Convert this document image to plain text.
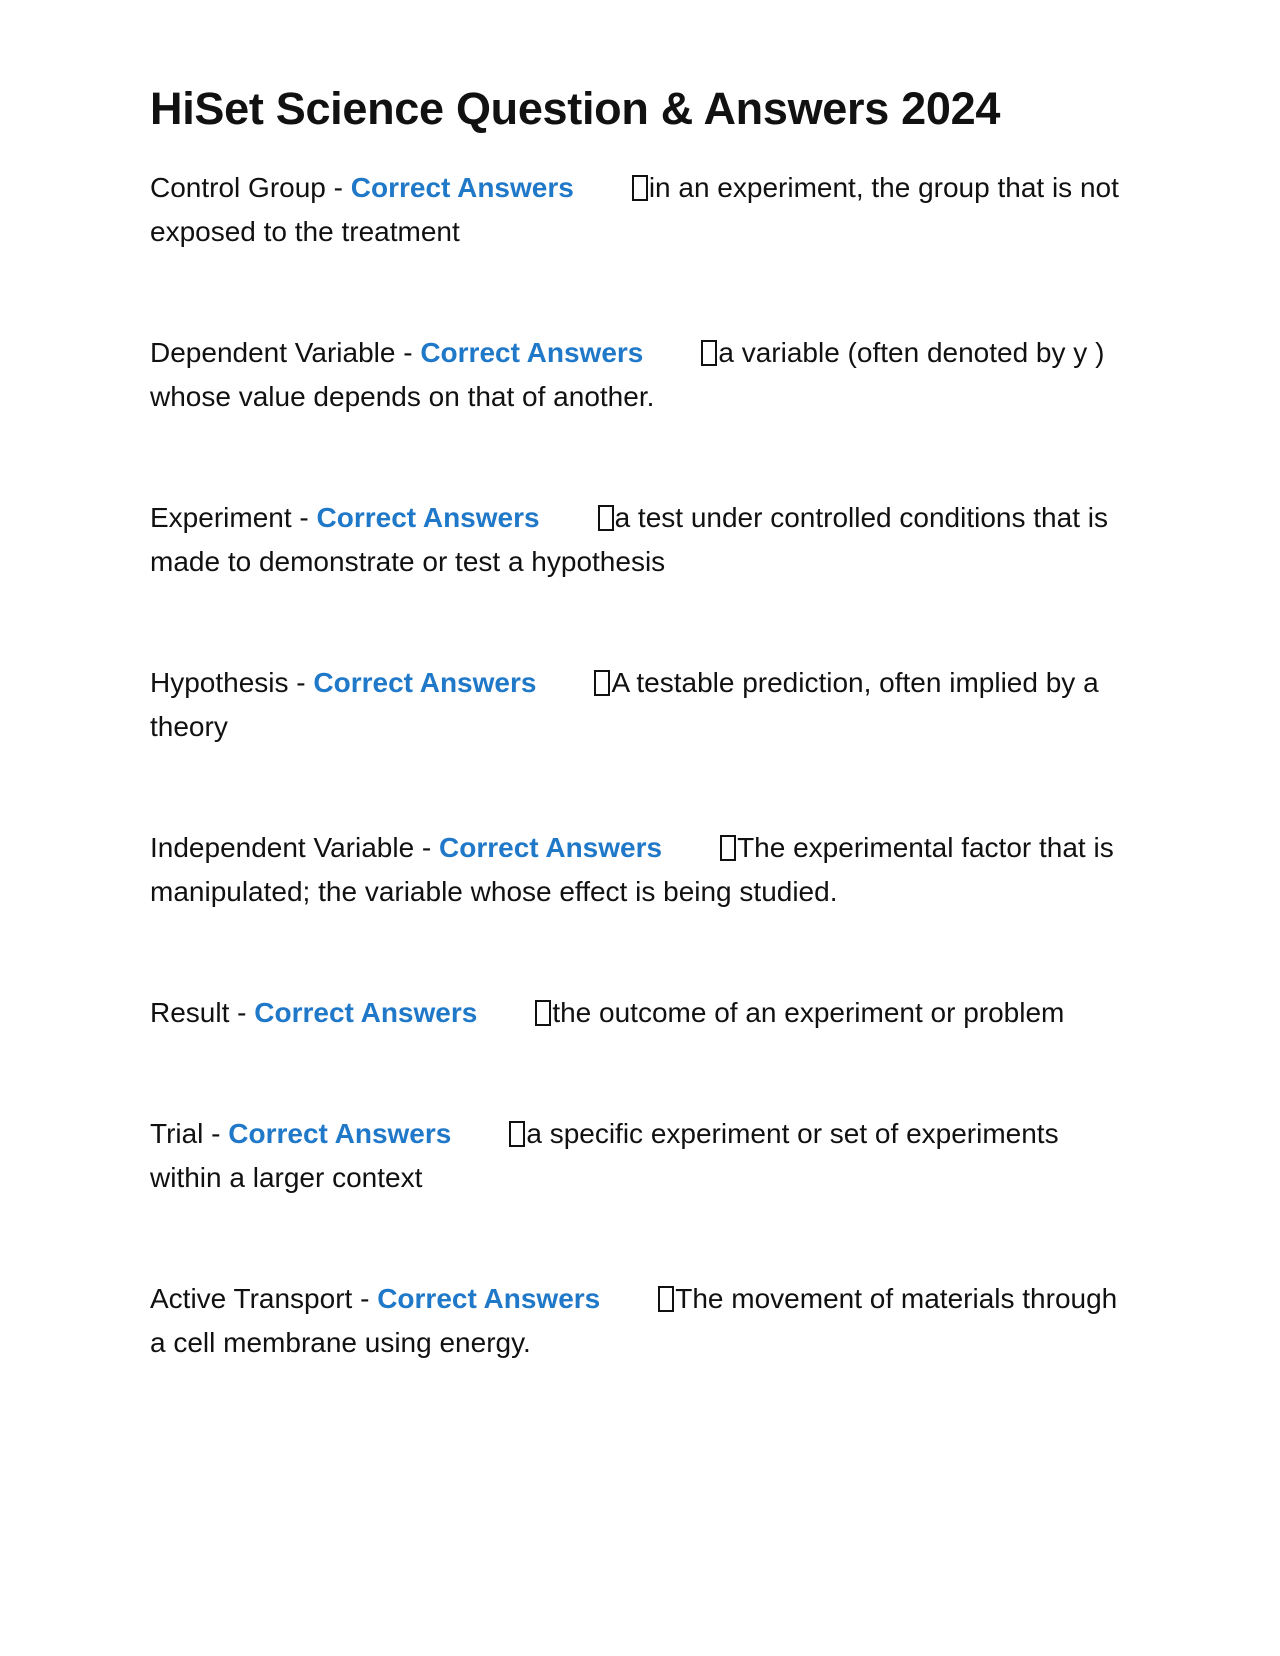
HiSet Science Question & Answers 2024

Control Group - Correct Answers	in an experiment, the group that is not exposed to the treatment

Dependent Variable - Correct Answers	a variable (often denoted by y ) whose value depends on that of another.

Experiment - Correct Answers	a test under controlled conditions that is made to demonstrate or test a hypothesis

Hypothesis - Correct Answers	A testable prediction, often implied by a theory

Independent Variable - Correct Answers	The experimental factor that is manipulated; the variable whose effect is being studied.

Result - Correct Answers	the outcome of an experiment or problem

Trial - Correct Answers	a specific experiment or set of experiments within a larger context

Active Transport - Correct Answers	The movement of materials through a cell membrane using energy.
